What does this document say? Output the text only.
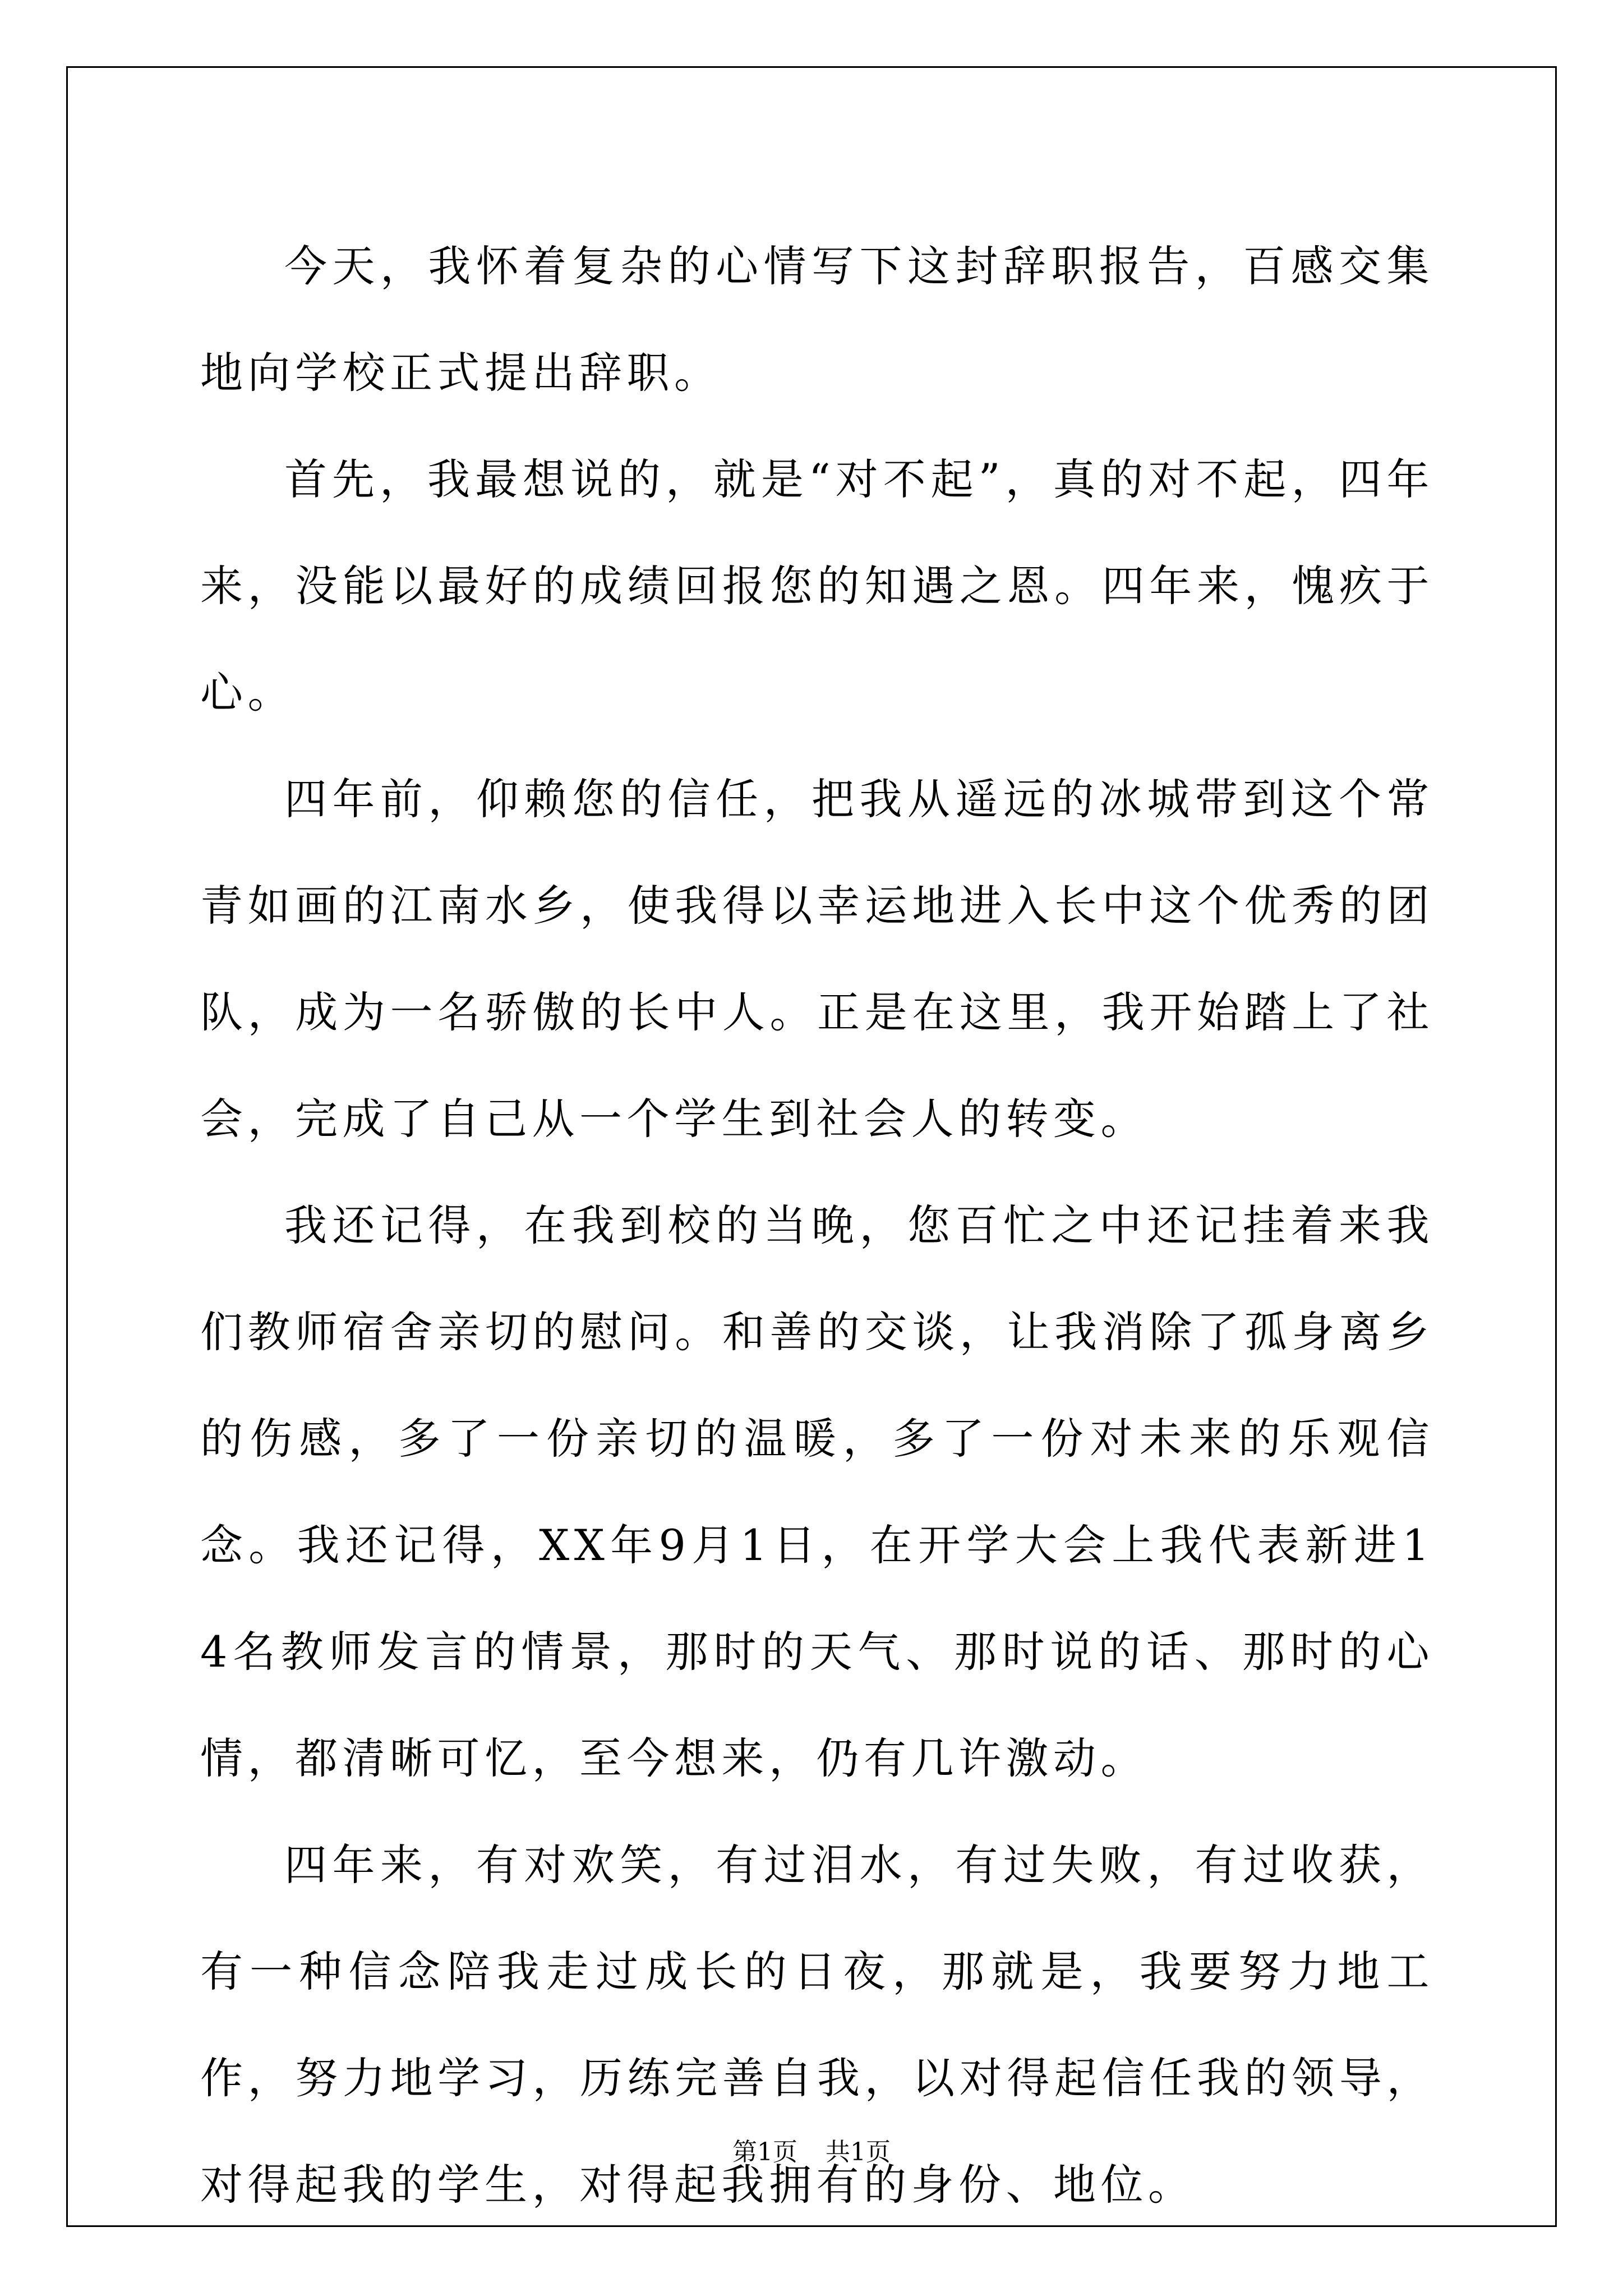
今天，我怀着复杂的心情写下这封辞职报告，百感交集地向学校正式提出辞职。

首先，我最想说的，就是“对不起”，真的对不起，四年来，没能以最好的成绩回报您的知遇之恩。四年来，愧疚于心。

四年前，仰赖您的信任，把我从遥远的冰城带到这个常青如画的江南水乡，使我得以幸运地进入长中这个优秀的团队，成为一名骄傲的长中人。正是在这里，我开始踏上了社会，完成了自己从一个学生到社会人的转变。

我还记得，在我到校的当晚，您百忙之中还记挂着来我们教师宿舍亲切的慰问。和善的交谈，让我消除了孤身离乡的伤感，多了一份亲切的温暖，多了一份对未来的乐观信念。我还记得，XX年9月1日，在开学大会上我代表新进14名教师发言的情景，那时的天气、那时说的话、那时的心情，都清晰可忆，至今想来，仍有几许激动。

四年来，有对欢笑，有过泪水，有过失败，有过收获，有一种信念陪我走过成长的日夜，那就是，我要努力地工作，努力地学习，历练完善自我，以对得起信任我的领导，对得起我的学生，对得起我拥有的身份、地位。

第1页 共1页
